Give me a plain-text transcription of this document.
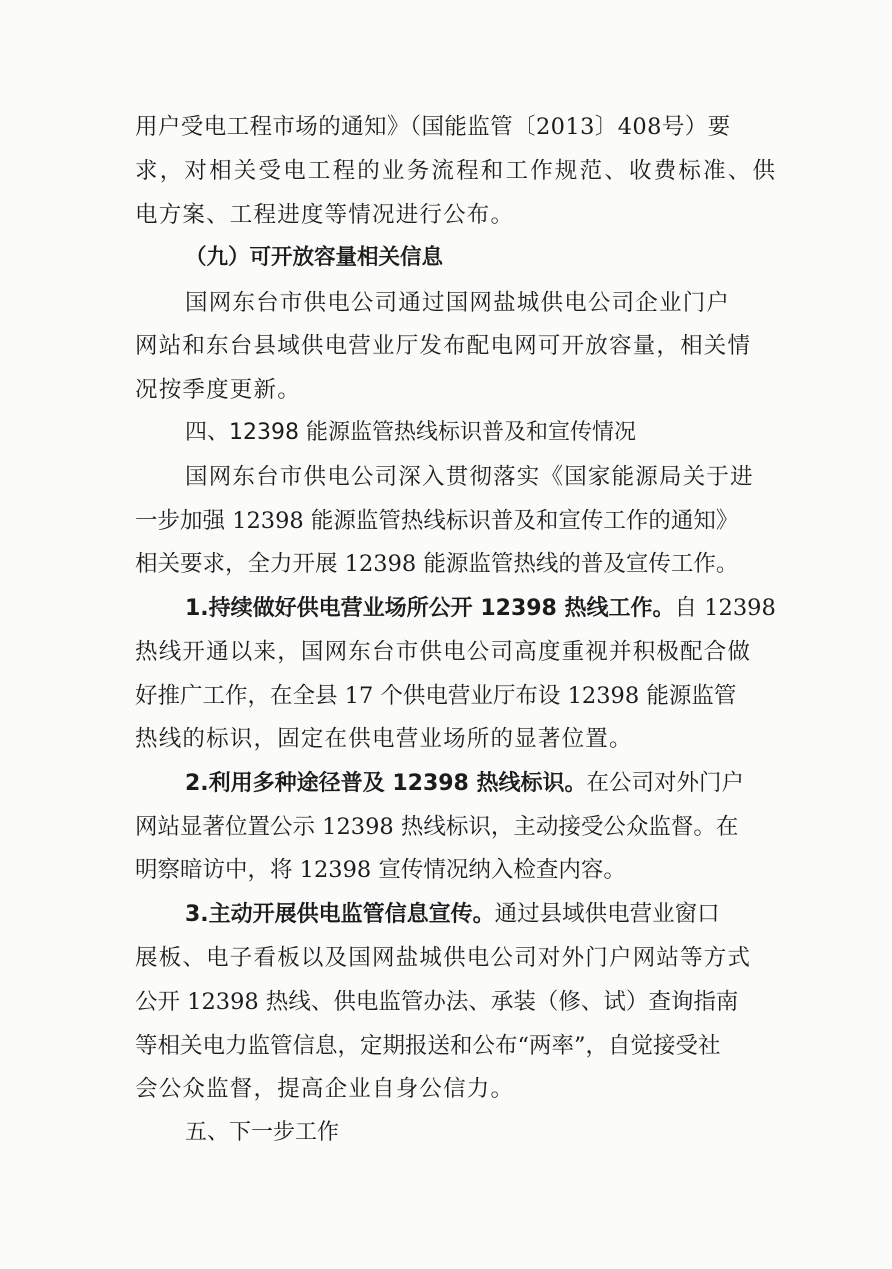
用户受电工程市场的通知》（国能监管〔2013〕408号）要

求，对相关受电工程的业务流程和工作规范、收费标准、供

电方案、工程进度等情况进行公布。

（九）可开放容量相关信息

国网东台市供电公司通过国网盐城供电公司企业门户

网站和东台县域供电营业厅发布配电网可开放容量，相关情

况按季度更新。

四、12398 能源监管热线标识普及和宣传情况

国网东台市供电公司深入贯彻落实《国家能源局关于进

一步加强 12398 能源监管热线标识普及和宣传工作的通知》

相关要求，全力开展 12398 能源监管热线的普及宣传工作。

1.持续做好供电营业场所公开 12398 热线工作。自 12398

热线开通以来，国网东台市供电公司高度重视并积极配合做

好推广工作，在全县 17 个供电营业厅布设 12398 能源监管

热线的标识，固定在供电营业场所的显著位置。

2.利用多种途径普及 12398 热线标识。在公司对外门户

网站显著位置公示 12398 热线标识，主动接受公众监督。在

明察暗访中，将 12398 宣传情况纳入检查内容。

3.主动开展供电监管信息宣传。通过县域供电营业窗口

展板、电子看板以及国网盐城供电公司对外门户网站等方式

公开 12398 热线、供电监管办法、承装（修、试）查询指南

等相关电力监管信息，定期报送和公布“两率”，自觉接受社

会公众监督，提高企业自身公信力。

五、下一步工作
